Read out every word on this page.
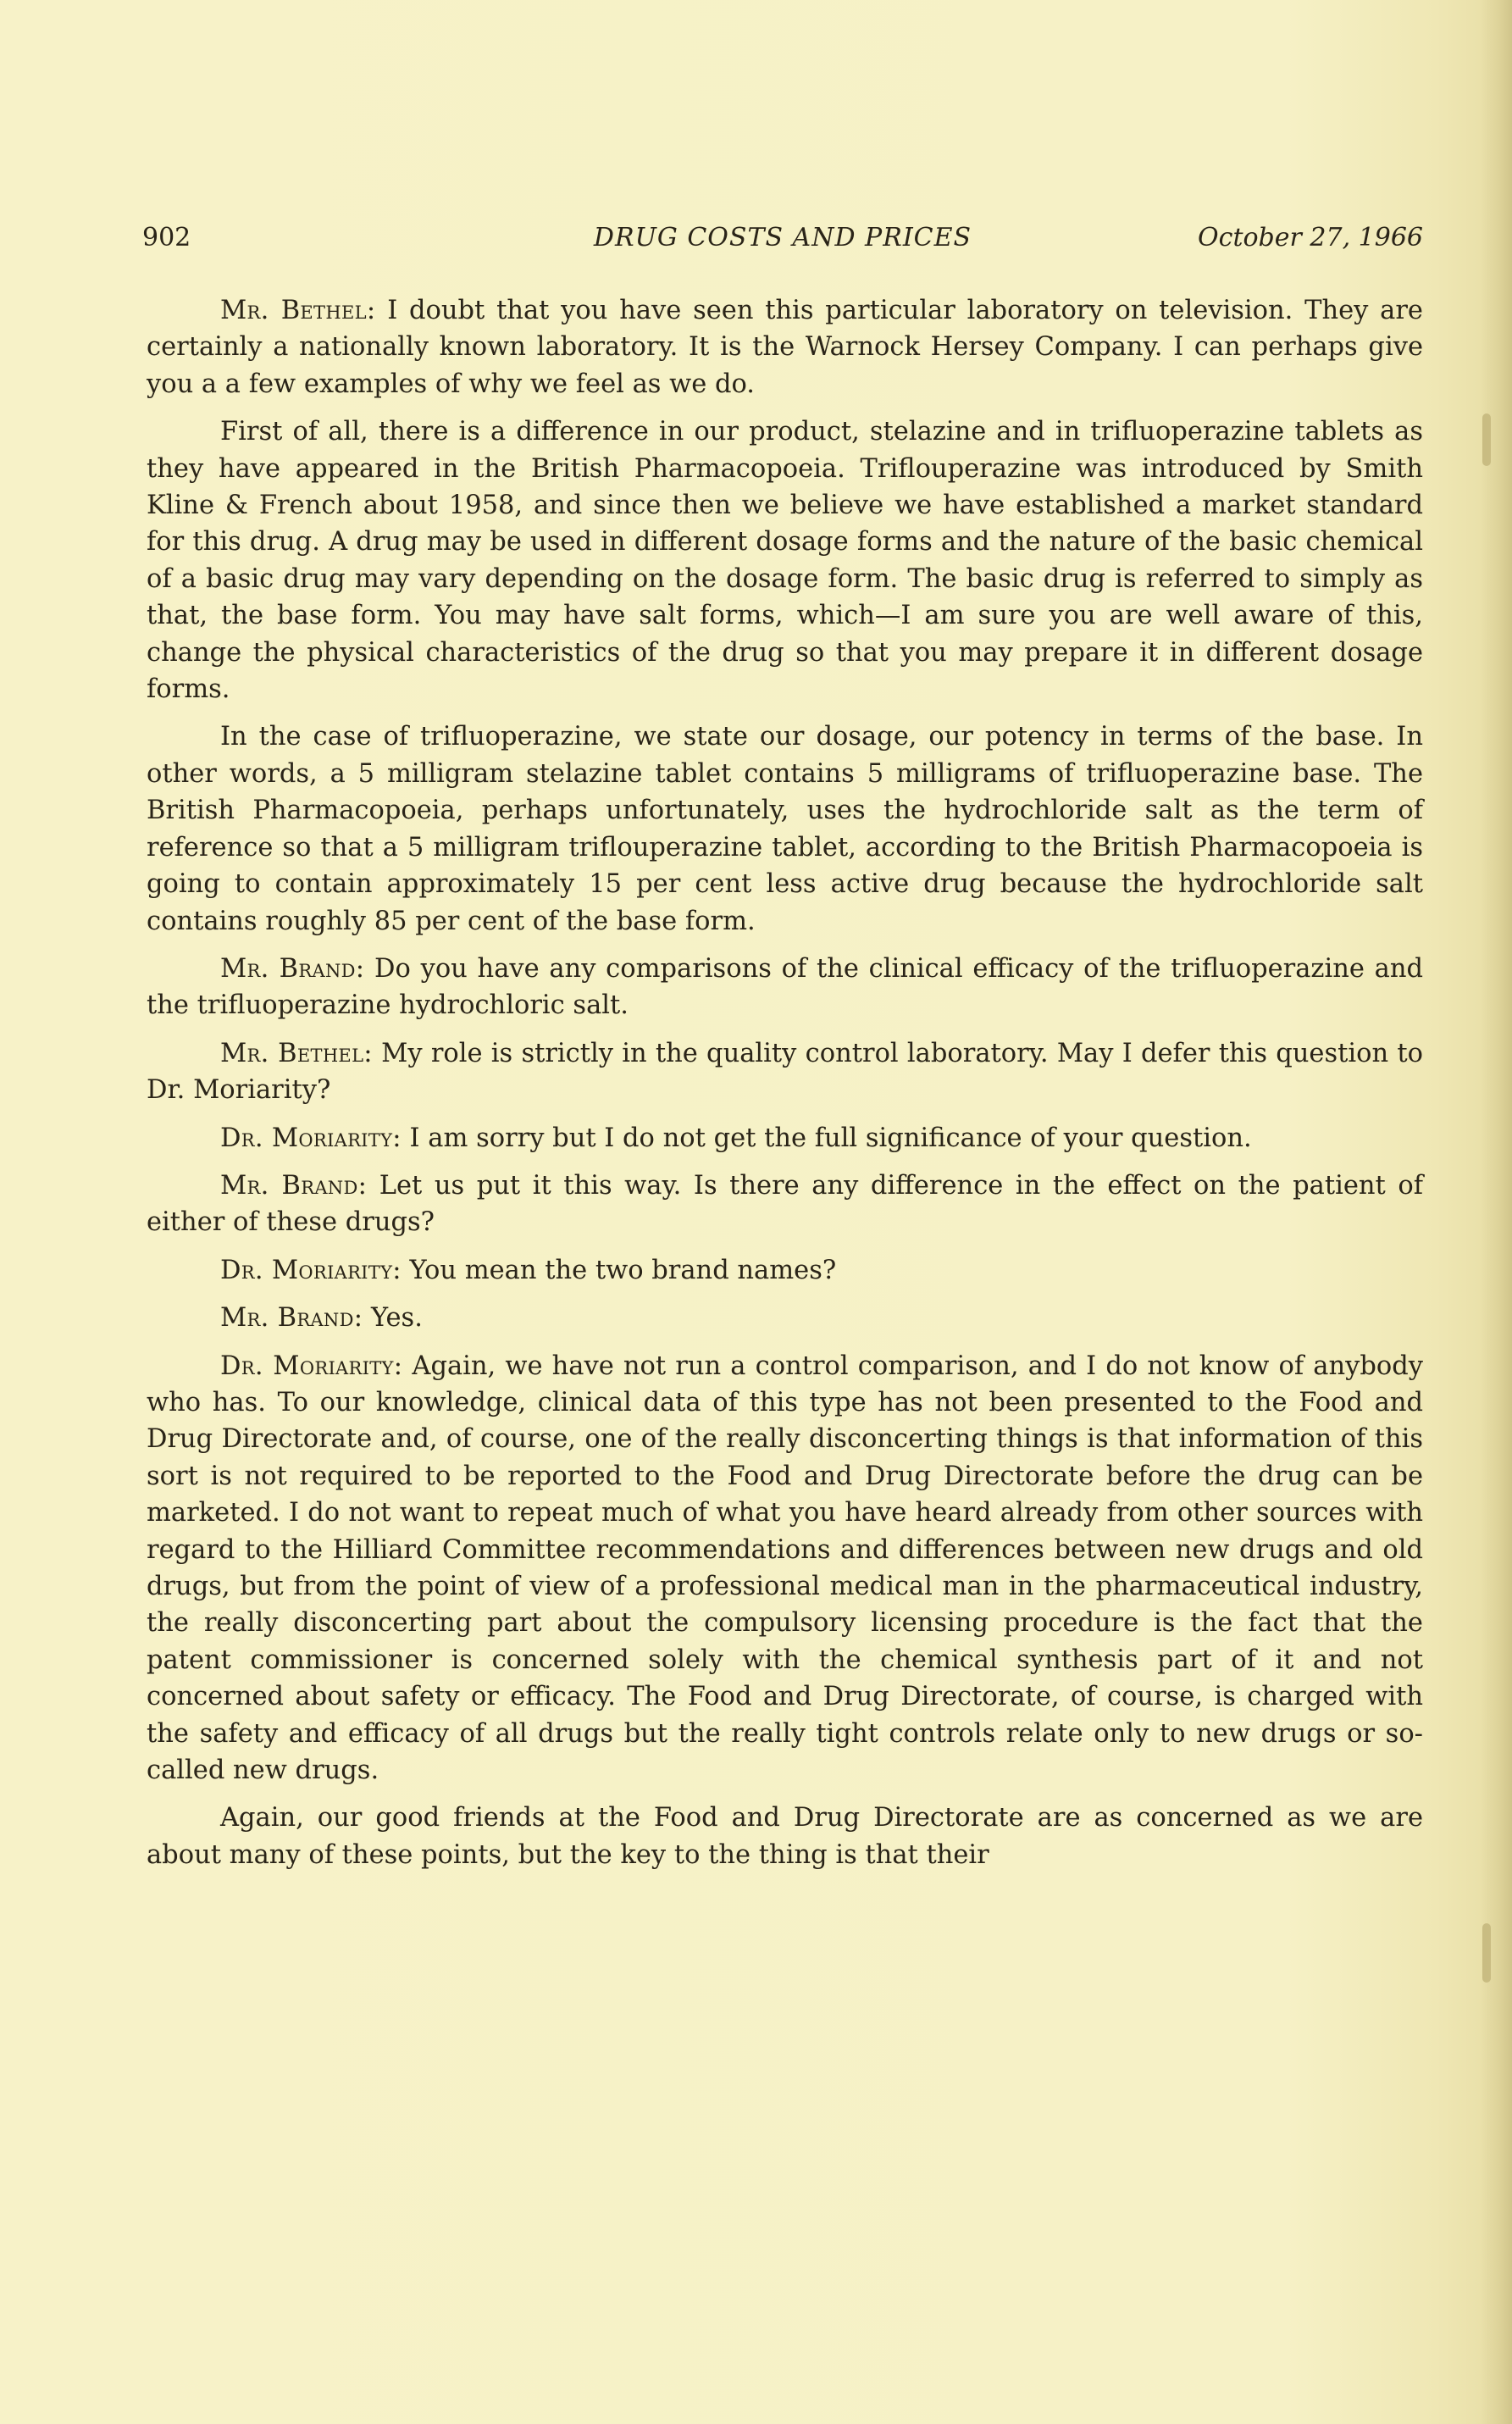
902	DRUG COSTS AND PRICES	October 27, 1966

Mr. Bethel: I doubt that you have seen this particular laboratory on television. They are certainly a nationally known laboratory. It is the Warnock Hersey Company. I can perhaps give you a a few examples of why we feel as we do.

First of all, there is a difference in our product, stelazine and in trifluoperazine tablets as they have appeared in the British Pharmacopoeia. Triflouperazine was introduced by Smith Kline & French about 1958, and since then we believe we have established a market standard for this drug. A drug may be used in different dosage forms and the nature of the basic chemical of a basic drug may vary depending on the dosage form. The basic drug is referred to simply as that, the base form. You may have salt forms, which—I am sure you are well aware of this, change the physical characteristics of the drug so that you may prepare it in different dosage forms.

In the case of trifluoperazine, we state our dosage, our potency in terms of the base. In other words, a 5 milligram stelazine tablet contains 5 milligrams of trifluoperazine base. The British Pharmacopoeia, perhaps unfortunately, uses the hydrochloride salt as the term of reference so that a 5 milligram triflouperazine tablet, according to the British Pharmacopoeia is going to contain approximately 15 per cent less active drug because the hydrochloride salt contains roughly 85 per cent of the base form.

Mr. Brand: Do you have any comparisons of the clinical efficacy of the trifluoperazine and the trifluoperazine hydrochloric salt.

Mr. Bethel: My role is strictly in the quality control laboratory. May I defer this question to Dr. Moriarity?

Dr. Moriarity: I am sorry but I do not get the full significance of your question.

Mr. Brand: Let us put it this way. Is there any difference in the effect on the patient of either of these drugs?

Dr. Moriarity: You mean the two brand names?

Mr. Brand: Yes.

Dr. Moriarity: Again, we have not run a control comparison, and I do not know of anybody who has. To our knowledge, clinical data of this type has not been presented to the Food and Drug Directorate and, of course, one of the really disconcerting things is that information of this sort is not required to be reported to the Food and Drug Directorate before the drug can be marketed. I do not want to repeat much of what you have heard already from other sources with regard to the Hilliard Committee recommendations and differences between new drugs and old drugs, but from the point of view of a professional medical man in the pharmaceutical industry, the really disconcerting part about the compulsory licensing procedure is the fact that the patent commissioner is concerned solely with the chemical synthesis part of it and not concerned about safety or efficacy. The Food and Drug Directorate, of course, is charged with the safety and efficacy of all drugs but the really tight controls relate only to new drugs or so-called new drugs.

Again, our good friends at the Food and Drug Directorate are as concerned as we are about many of these points, but the key to the thing is that their
